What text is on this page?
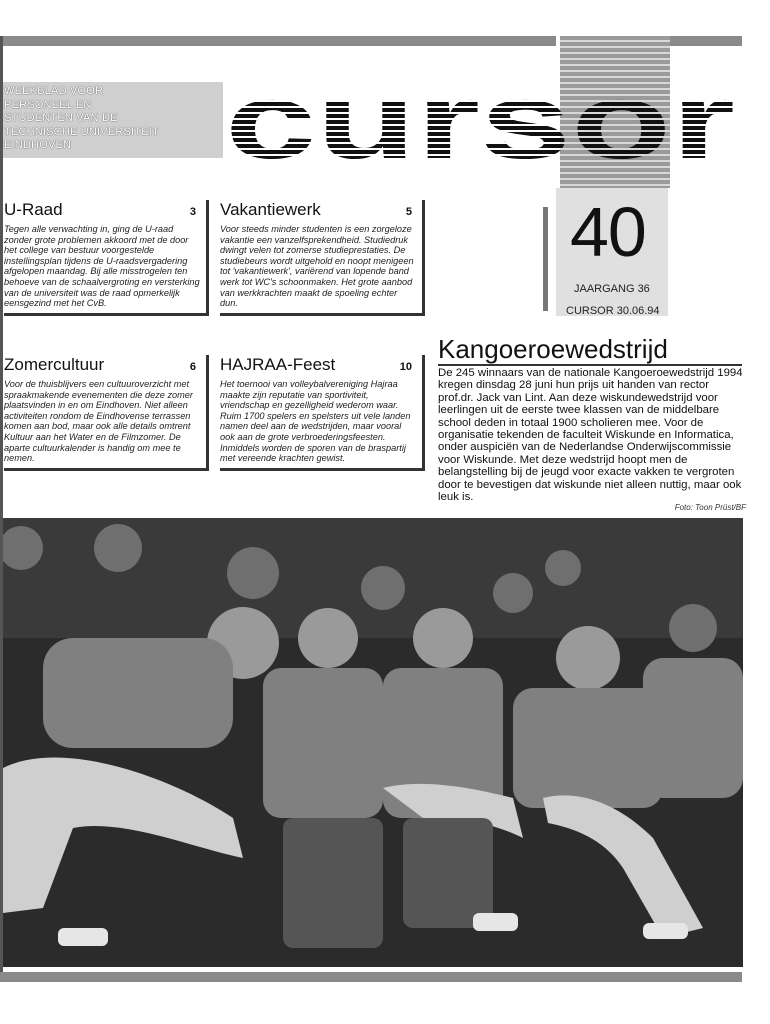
WEEKBLAD VOOR
PERSONEEL EN
STUDENTEN VAN DE
TECHNISCHE UNIVERSITEIT
EINDHOVEN	cursor
40
JAARGANG 36
CURSOR 30.06.94
U-Raad	3

Tegen alle verwachting in, ging de U-raad zonder grote problemen akkoord met de door het college van bestuur voorgestelde instellingsplan tijdens de U-raadsvergadering afgelopen maandag. Bij alle misstrogelen ten behoeve van de schaalvergroting en versterking van de universiteit was de raad opmerkelijk eensgezind met het CvB.

Vakantiewerk	5

Voor steeds minder studenten is een zorgeloze vakantie een vanzelfsprekendheid. Studiedruk dwingt velen tot zomerse studieprestaties. De studiebeurs wordt uitgehold en noopt menigeen tot 'vakantiewerk', variërend van lopende band werk tot WC's schoonmaken. Het grote aanbod van werkkrachten maakt de spoeling echter dun.

Zomercultuur	6

Voor de thuisblijvers een cultuuroverzicht met spraakmakende evenementen die deze zomer plaatsvinden in en om Eindhoven. Niet alleen activiteiten rondom de Eindhovense terrassen komen aan bod, maar ook alle details omtrent Kultuur aan het Water en de Filmzomer. De aparte cultuurkalender is handig om mee te nemen.

HAJRAA-Feest	10

Het toernooi van volleybalvereniging Hajraa maakte zijn reputatie van sportiviteit, vriendschap en gezelligheid wederom waar. Ruim 1700 spelers en spelsters uit vele landen namen deel aan de wedstrijden, maar vooral ook aan de grote verbroederingsfeesten. Inmiddels worden de sporen van de braspartij met vereende krachten gewist.

Kangoeroewedstrijd
De 245 winnaars van de nationale Kangoeroewedstrijd 1994 kregen dinsdag 28 juni hun prijs uit handen van rector prof.dr. Jack van Lint. Aan deze wiskundewedstrijd voor leerlingen uit de eerste twee klassen van de middelbare school deden in totaal 1900 scholieren mee. Voor de organisatie tekenden de faculteit Wiskunde en Informatica, onder auspiciën van de Nederlandse Onderwijscommissie voor Wiskunde. Met deze wedstrijd hoopt men de belangstelling bij de jeugd voor exacte vakken te vergroten door te bevestigen dat wiskunde niet alleen nuttig, maar ook leuk is.
Foto: Toon Prüst/BF
